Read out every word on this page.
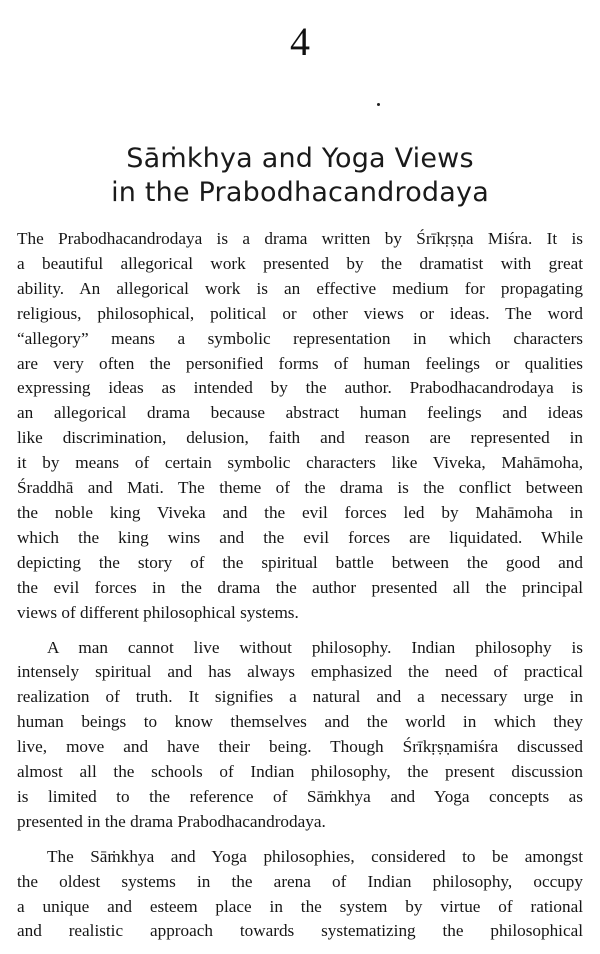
4
Sāṁkhya and Yoga Views
in the Prabodhacandrodaya

The Prabodhacandrodaya is a drama written by Śrīkṛṣṇa Miśra. It is
a beautiful allegorical work presented by the dramatist with great
ability. An allegorical work is an effective medium for propagating
religious, philosophical, political or other views or ideas. The word
“allegory” means a symbolic representation in which characters
are very often the personified forms of human feelings or qualities
expressing ideas as intended by the author. Prabodhacandrodaya is
an allegorical drama because abstract human feelings and ideas
like discrimination, delusion, faith and reason are represented in
it by means of certain symbolic characters like Viveka, Mahāmoha,
Śraddhā and Mati. The theme of the drama is the conflict between
the noble king Viveka and the evil forces led by Mahāmoha in
which the king wins and the evil forces are liquidated. While
depicting the story of the spiritual battle between the good and
the evil forces in the drama the author presented all the principal
views of different philosophical systems.

A man cannot live without philosophy. Indian philosophy is
intensely spiritual and has always emphasized the need of practical
realization of truth. It signifies a natural and a necessary urge in
human beings to know themselves and the world in which they
live, move and have their being. Though Śrīkṛṣṇamiśra discussed
almost all the schools of Indian philosophy, the present discussion
is limited to the reference of Sāṁkhya and Yoga concepts as
presented in the drama Prabodhacandrodaya.

The Sāṁkhya and Yoga philosophies, considered to be amongst
the oldest systems in the arena of Indian philosophy, occupy
a unique and esteem place in the system by virtue of rational
and realistic approach towards systematizing the philosophical
